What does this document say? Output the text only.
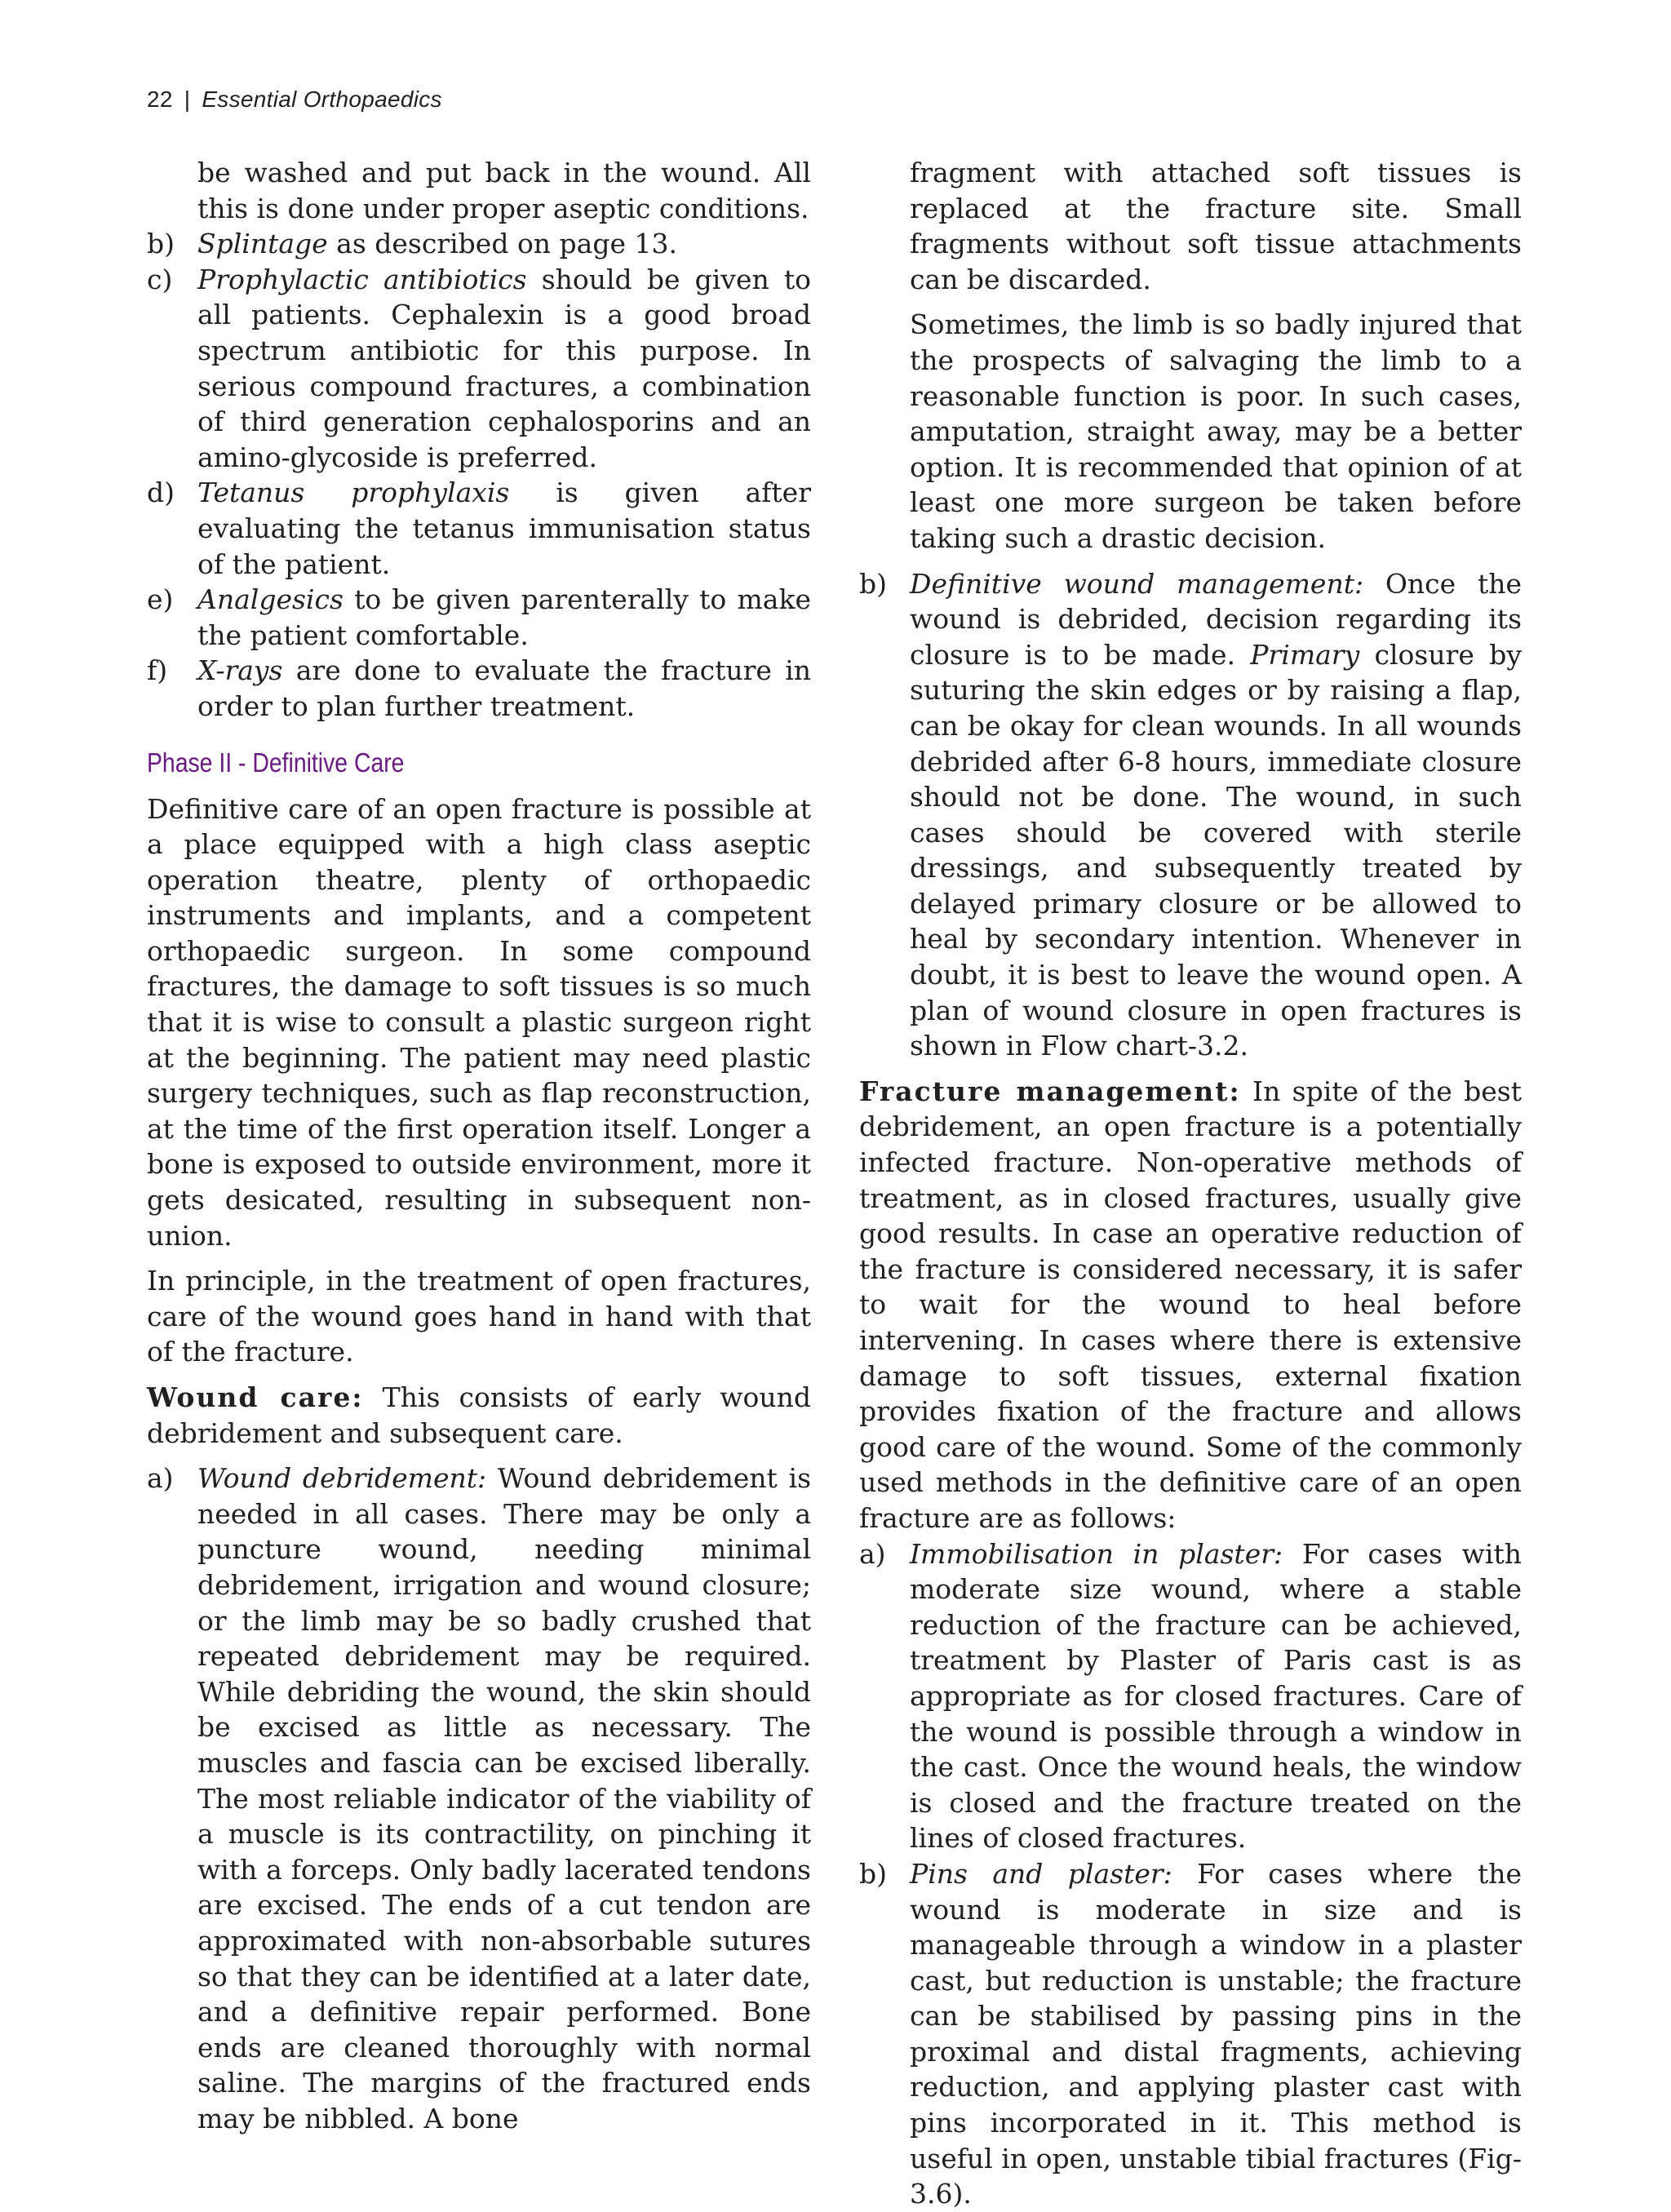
22 | Essential Orthopaedics

be washed and put back in the wound. All this is done under proper aseptic conditions.

b) Splintage as described on page 13.
c) Prophylactic antibiotics should be given to all patients. Cephalexin is a good broad spectrum antibiotic for this purpose. In serious compound fractures, a combination of third generation cephalosporins and an amino-glycoside is preferred.
d) Tetanus prophylaxis is given after evaluating the tetanus immunisation status of the patient.
e) Analgesics to be given parenterally to make the patient comfortable.
f) X-rays are done to evaluate the fracture in order to plan further treatment.
Phase II - Definitive Care

Definitive care of an open fracture is possible at a place equipped with a high class aseptic operation theatre, plenty of orthopaedic instruments and implants, and a competent orthopaedic surgeon. In some compound fractures, the damage to soft tissues is so much that it is wise to consult a plastic surgeon right at the beginning. The patient may need plastic surgery techniques, such as flap reconstruction, at the time of the first operation itself. Longer a bone is exposed to outside environment, more it gets desicated, resulting in subsequent non-union.

In principle, in the treatment of open fractures, care of the wound goes hand in hand with that of the fracture.

Wound care: This consists of early wound debridement and subsequent care.

a) Wound debridement: Wound debridement is needed in all cases. There may be only a puncture wound, needing minimal debridement, irrigation and wound closure; or the limb may be so badly crushed that repeated debridement may be required. While debriding the wound, the skin should be excised as little as necessary. The muscles and fascia can be excised liberally. The most reliable indicator of the viability of a muscle is its contractility, on pinching it with a forceps. Only badly lacerated tendons are excised. The ends of a cut tendon are approximated with non-absorbable sutures so that they can be identified at a later date, and a definitive repair performed. Bone ends are cleaned thoroughly with normal saline. The margins of the fractured ends may be nibbled. A bone

fragment with attached soft tissues is replaced at the fracture site. Small fragments without soft tissue attachments can be discarded.

Sometimes, the limb is so badly injured that the prospects of salvaging the limb to a reasonable function is poor. In such cases, amputation, straight away, may be a better option. It is recommended that opinion of at least one more surgeon be taken before taking such a drastic decision.

b) Definitive wound management: Once the wound is debrided, decision regarding its closure is to be made. Primary closure by suturing the skin edges or by raising a flap, can be okay for clean wounds. In all wounds debrided after 6-8 hours, immediate closure should not be done. The wound, in such cases should be covered with sterile dressings, and subsequently treated by delayed primary closure or be allowed to heal by secondary intention. Whenever in doubt, it is best to leave the wound open. A plan of wound closure in open fractures is shown in Flow chart-3.2.

Fracture management: In spite of the best debridement, an open fracture is a potentially infected fracture. Non-operative methods of treatment, as in closed fractures, usually give good results. In case an operative reduction of the fracture is considered necessary, it is safer to wait for the wound to heal before intervening. In cases where there is extensive damage to soft tissues, external fixation provides fixation of the fracture and allows good care of the wound. Some of the commonly used methods in the definitive care of an open fracture are as follows:

a) Immobilisation in plaster: For cases with moderate size wound, where a stable reduction of the fracture can be achieved, treatment by Plaster of Paris cast is as appropriate as for closed fractures. Care of the wound is possible through a window in the cast. Once the wound heals, the window is closed and the fracture treated on the lines of closed fractures.
b) Pins and plaster: For cases where the wound is moderate in size and is manageable through a window in a plaster cast, but reduction is unstable; the fracture can be stabilised by passing pins in the proximal and distal fragments, achieving reduction, and applying plaster cast with pins incorporated in it. This method is useful in open, unstable tibial fractures (Fig-3.6).
